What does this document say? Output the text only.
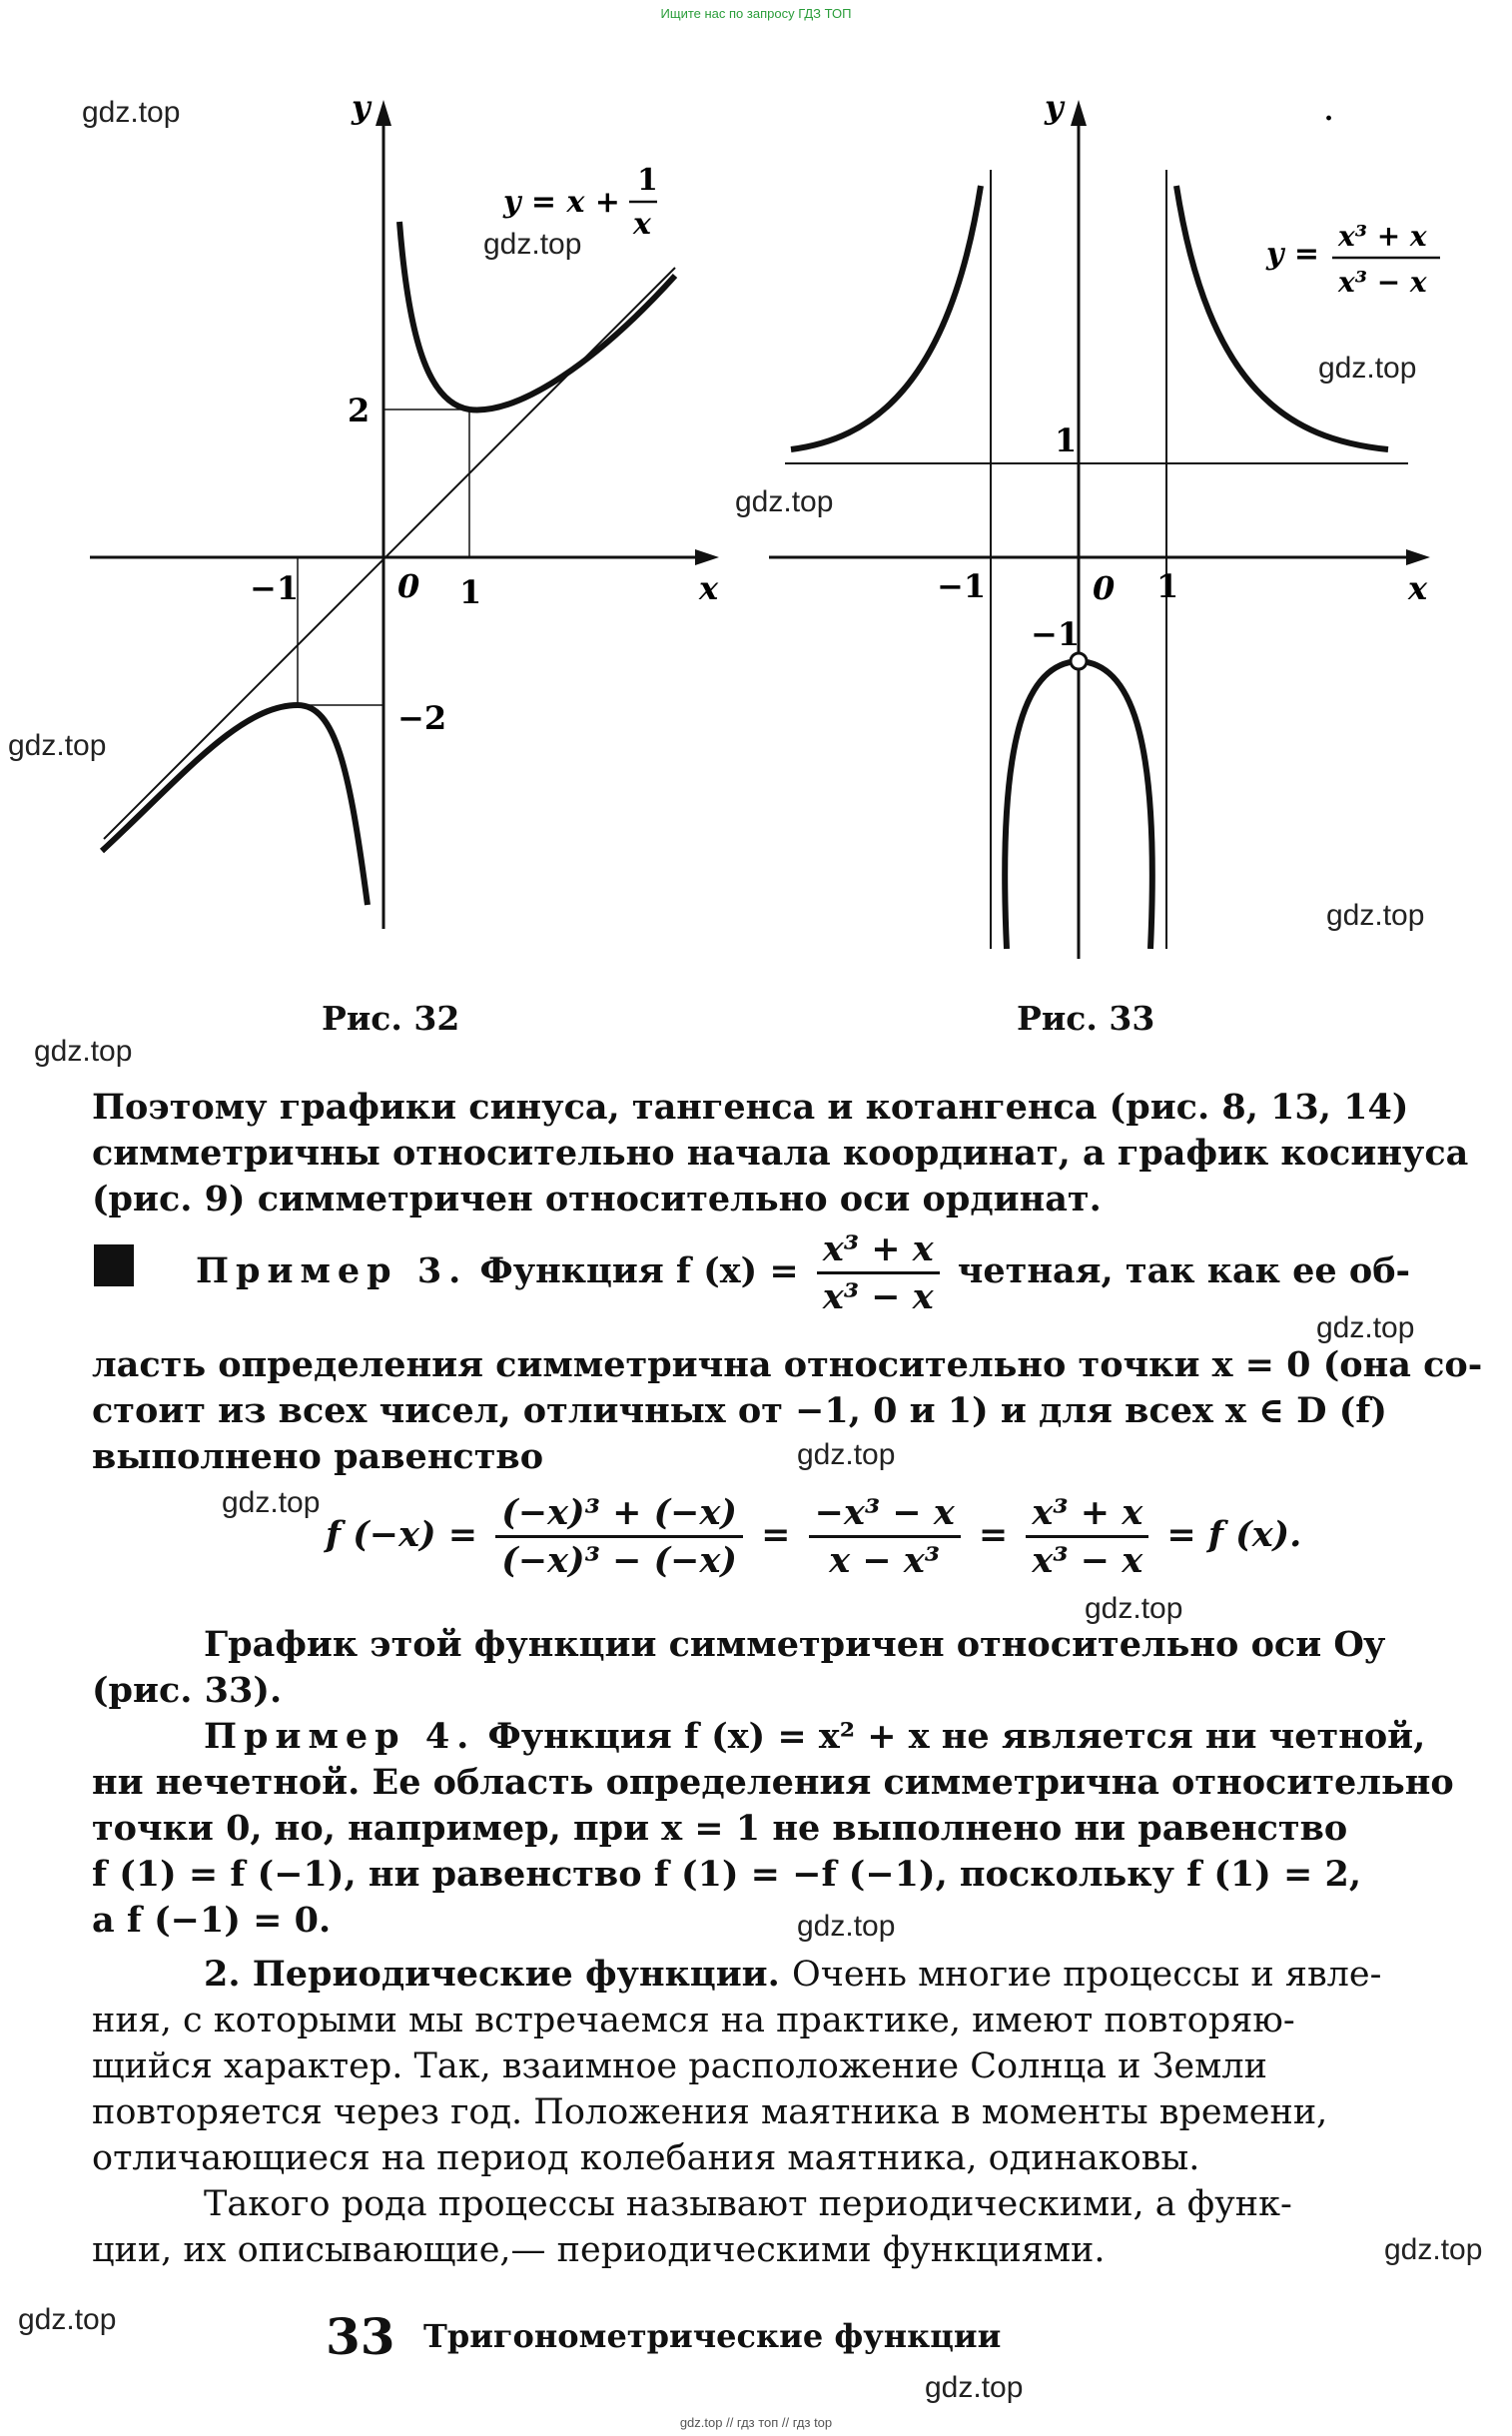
Ищите нас по запросу ГДЗ ТОП
gdz.top
gdz.top
gdz.top
gdz.top
gdz.top
gdz.top
gdz.top
gdz.top
gdz.top
gdz.top
gdz.top
gdz.top
gdz.top
gdz.top
gdz.top
y
x
0 1
−1
2
−2
y = x +
1
x
Рис. 32
y
x
0 1
−1
1
−1
.
y =
x³ + x
x³ − x
Рис. 33
Поэтому графики синуса, тангенса и котангенса (рис. 8, 13, 14)
симметричны относительно начала координат, а график косинуса
(рис. 9) симметричен относительно оси ординат.
Пример 3. Функция f $(x) = \frac{\text{x³ + x}}{\text{x³ − x}}$ четная, так как ее об-
ласть определения симметрична относительно точки x = 0 (она со-
стоит из всех чисел, отличных от −1, 0 и 1) и для всех x ∈ D (f)
выполнено равенство
f $(-x) = \frac{\text{(−x)³ + (−x)}}{\text{(−x)³ − (−x)}} = \frac{\text{−x³ − x}}{\text{x − x³}} = \frac{\text{x³ + x}}{\text{x³ − x}} = f$ (x).
График этой функции симметричен относительно оси Oy
(рис. 33).
Пример 4. Функция f (x) = x² + x не является ни четной,
ни нечетной. Ее область определения симметрична относительно
точки 0, но, например, при x = 1 не выполнено ни равенство
f (1) = f (−1), ни равенство f (1) = −f (−1), поскольку f (1) = 2,
а f (−1) = 0.
2. Периодические функции. Очень многие процессы и явле-
ния, с которыми мы встречаемся на практике, имеют повторяю-
щийся характер. Так, взаимное расположение Солнца и Земли
повторяется через год. Положения маятника в моменты времени,
отличающиеся на период колебания маятника, одинаковы.
Такого рода процессы называют периодическими, а функ-
ции, их описывающие,— периодическими функциями.
33 Тригонометрические функции
gdz.top // гдз топ // гдз top
